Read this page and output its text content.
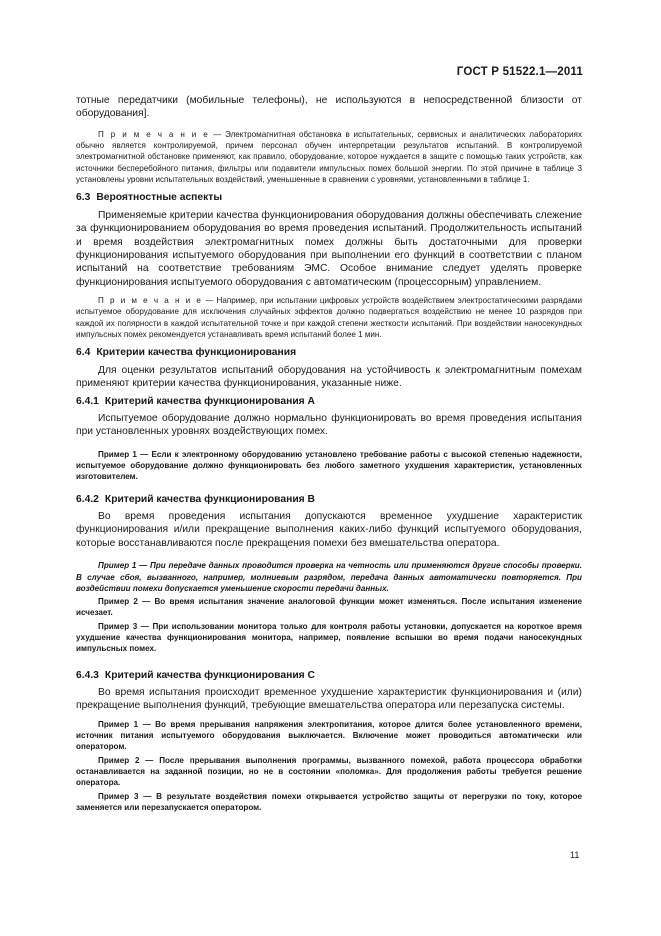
ГОСТ Р 51522.1—2011

тотные передатчики (мобильные телефоны), не используются в непосредственной близости от оборудования].

П р и м е ч а н и е — Электромагнитная обстановка в испытательных, сервисных и аналитических лабораториях обычно является контролируемой, причем персонал обучен интерпретации результатов испытаний. В контролируемой электромагнитной обстановке применяют, как правило, оборудование, которое нуждается в защите с помощью таких устройств, как источники бесперебойного питания, фильтры или подавители импульсных помех большой энергии. По этой причине в таблице 3 установлены уровни испытательных воздействий, уменьшенные в сравнении с уровнями, установленными в таблице 1.

6.3 Вероятностные аспекты

Применяемые критерии качества функционирования оборудования должны обеспечивать слежение за функционированием оборудования во время проведения испытаний. Продолжительность испытаний и время воздействия электромагнитных помех должны быть достаточными для проверки функционирования испытуемого оборудования при выполнении его функций в соответствии с планом испытаний на соответствие требованиям ЭМС. Особое внимание следует уделять проверке функционирования испытуемого оборудования с автоматическим (процессорным) управлением.

П р и м е ч а н и е — Например, при испытании цифровых устройств воздействием электростатическими разрядами испытуемое оборудование для исключения случайных эффектов должно подвергаться воздействию не менее 10 разрядов при каждой их полярности в каждой испытательной точке и при каждой степени жесткости испытаний. При воздействии наносекундных импульсных помех рекомендуется устанавливать время испытаний более 1 мин.

6.4 Критерии качества функционирования

Для оценки результатов испытаний оборудования на устойчивость к электромагнитным помехам применяют критерии качества функционирования, указанные ниже.

6.4.1 Критерий качества функционирования А

Испытуемое оборудование должно нормально функционировать во время проведения испытания при установленных уровнях воздействующих помех.

Пример 1 — Если к электронному оборудованию установлено требование работы с высокой степенью надежности, испытуемое оборудование должно функционировать без любого заметного ухудшения характеристик, установленных изготовителем.

6.4.2 Критерий качества функционирования В

Во время проведения испытания допускаются временное ухудшение характеристик функционирования и/или прекращение выполнения каких-либо функций испытуемого оборудования, которые восстанавливаются после прекращения помехи без вмешательства оператора.

Пример 1 — При передаче данных проводится проверка на четность или применяются другие способы проверки. В случае сбоя, вызванного, например, молниевым разрядом, передача данных автоматически повторяется. При воздействии помехи допускается уменьшение скорости передачи данных.

Пример 2 — Во время испытания значение аналоговой функции может изменяться. После испытания изменение исчезает.

Пример 3 — При использовании монитора только для контроля работы установки, допускается на короткое время ухудшение качества функционирования монитора, например, появление вспышки во время подачи наносекундных импульсных помех.

6.4.3 Критерий качества функционирования С

Во время испытания происходит временное ухудшение характеристик функционирования и (или) прекращение выполнения функций, требующие вмешательства оператора или перезапуска системы.

Пример 1 — Во время прерывания напряжения электропитания, которое длится более установленного времени, источник питания испытуемого оборудования выключается. Включение может проводиться автоматически или оператором.

Пример 2 — После прерывания выполнения программы, вызванного помехой, работа процессора обработки останавливается на заданной позиции, но не в состоянии «поломка». Для продолжения работы требуется решение оператора.

Пример 3 — В результате воздействия помехи открывается устройство защиты от перегрузки по току, которое заменяется или перезапускается оператором.

11
